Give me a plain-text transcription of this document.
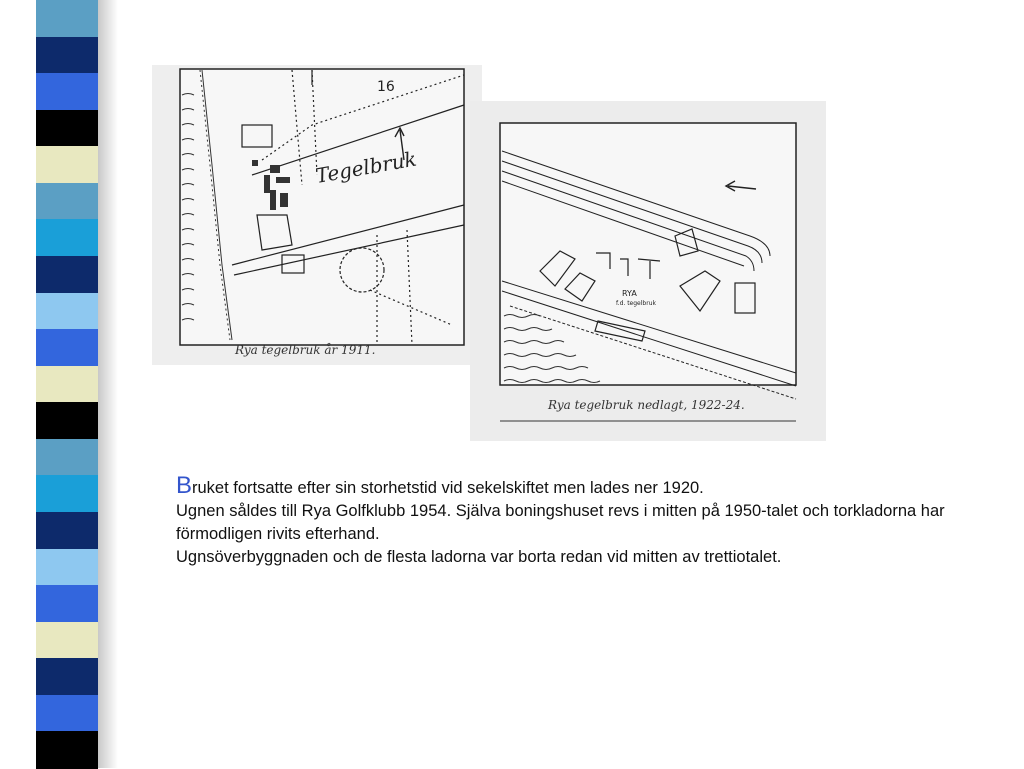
16
Tegelbruk
RYA
f.d. tegelbruk
Rya tegelbruk år 1911.
Rya tegelbruk nedlagt, 1922-24.

Bruket fortsatte efter sin storhetstid vid sekelskiftet men lades ner 1920.

Ugnen såldes till Rya Golfklubb 1954. Själva boningshuset revs i mitten på 1950-talet och torkladorna har förmodligen rivits efterhand.

Ugnsöverbyggnaden och de flesta ladorna var borta redan vid mitten av trettiotalet.
